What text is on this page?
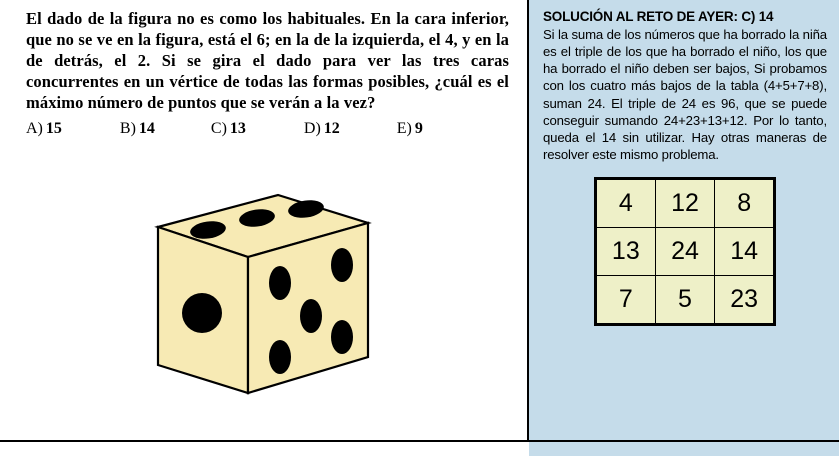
El dado de la figura no es como los habituales. En la cara inferior, que no se ve en la figura, está el 6; en la de la izquierda, el 4, y en la de detrás, el 2. Si se gira el dado para ver las tres caras concurrentes en un vértice de todas las formas posibles, ¿cuál es el máximo número de puntos que se verán a la vez?
A) 15	B) 14	C) 13	D) 12	E) 9
SOLUCIÓN AL RETO DE AYER: C) 14
Si la suma de los números que ha borrado la niña es el triple de los que ha borrado el niño, los que ha borrado el niño deben ser bajos, Si probamos con los cuatro más bajos de la tabla (4+5+7+8), suman 24. El triple de 24 es 96, que se puede conseguir sumando 24+23+13+12. Por lo tanto, queda el 14 sin utilizar. Hay otras maneras de resolver este mismo problema.
4	12	8
13	24	14
7	5	23
